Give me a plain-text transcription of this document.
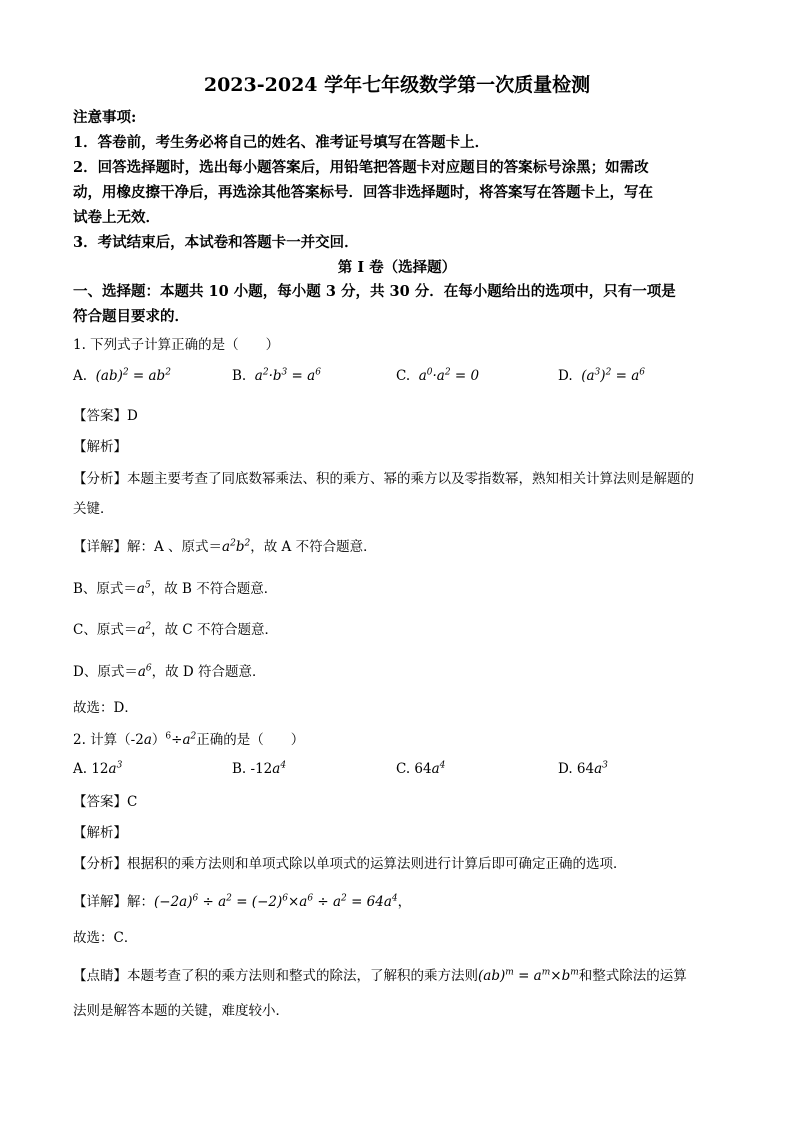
2023-2024 学年七年级数学第一次质量检测
注意事项:
1．答卷前，考生务必将自己的姓名、准考证号填写在答题卡上．
2．回答选择题时，选出每小题答案后，用铅笔把答题卡对应题目的答案标号涂黑；如需改
动，用橡皮擦干净后，再选涂其他答案标号．回答非选择题时，将答案写在答题卡上，写在
试卷上无效．
3．考试结束后，本试卷和答题卡一并交回．
第 I 卷（选择题）
一、选择题：本题共 10 小题，每小题 3 分，共 30 分．在每小题给出的选项中，只有一项是
符合题目要求的．
1. 下列式子计算正确的是（　　）
A.  $(ab)^2 = ab^2$	B.  $a^2\cdot b^3 = a^6$	C.  $a^0\cdot a^2 = 0$	D.  $(a^3)^2 = a^6$
【答案】D
【解析】
【分析】本题主要考查了同底数幂乘法、积的乘方、幂的乘方以及零指数幂，熟知相关计算法则是解题的
关键．
【详解】解：A 、原式$=a^2b^2$，故 A 不符合题意．
B、原式$=a^5$，故 B 不符合题意．
C、原式$=a^2$，故 C 不符合题意．
D、原式$=a^6$，故 D 符合题意．
故选：D．
2. 计算$(-2a)^6\div a^2$正确的是（　　）
A. $12a^3$	B. $-12a^4$	C. $64a^4$	D. $64a^3$
【答案】C
【解析】
【分析】根据积的乘方法则和单项式除以单项式的运算法则进行计算后即可确定正确的选项．
【详解】解：$(-2a)^6 \div a^2 = (-2)^6\times a^6 \div a^2 = 64a^4$，
故选：C．
【点睛】本题考查了积的乘方法则和整式的除法，了解积的乘方法则$(ab)^m = a^m\times b^m$和整式除法的运算
法则是解答本题的关键，难度较小．
